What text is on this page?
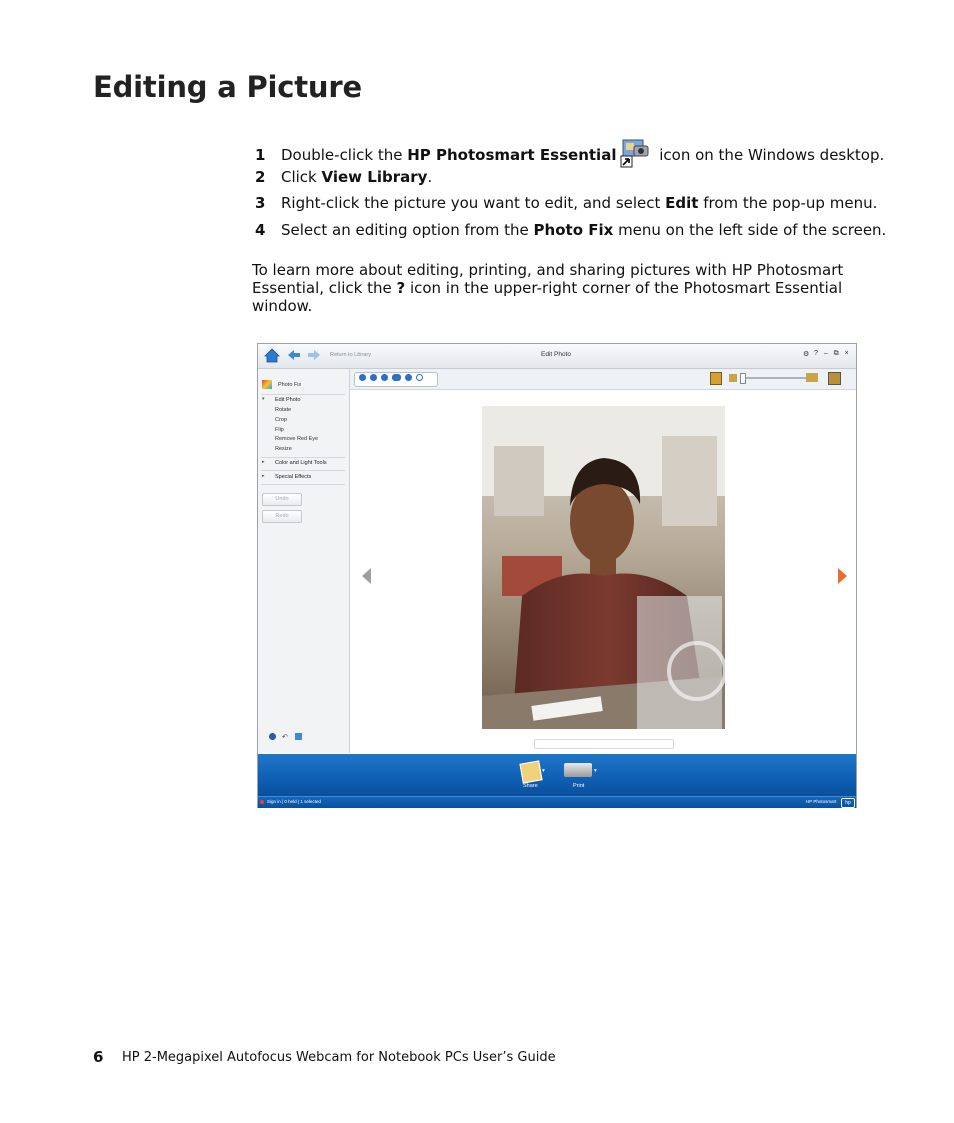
Editing a Picture
1 Double-click the HP Photosmart Essential	icon on the Windows desktop.
2 Click View Library.
3 Right-click the picture you want to edit, and select Edit from the pop-up menu.
4 Select an editing option from the Photo Fix menu on the left side of the screen.
To learn more about editing, printing, and sharing pictures with HP Photosmart Essential, click the ? icon in the upper-right corner of the Photosmart Essential window.
Return to Library	Edit Photo	⚙ ? – ⧉ ×
Photo Fix
▾ Edit Photo
Rotate
Crop
Flip
Remove Red Eye
Resize
▸ Color and Light Tools
▸ Special Effects
Undo
Redo
↶
▾
Share
▾
Print
Sign in | 0 held | 1 selected	HP Photosmart	hp
6 HP 2-Megapixel Autofocus Webcam for Notebook PCs User’s Guide
